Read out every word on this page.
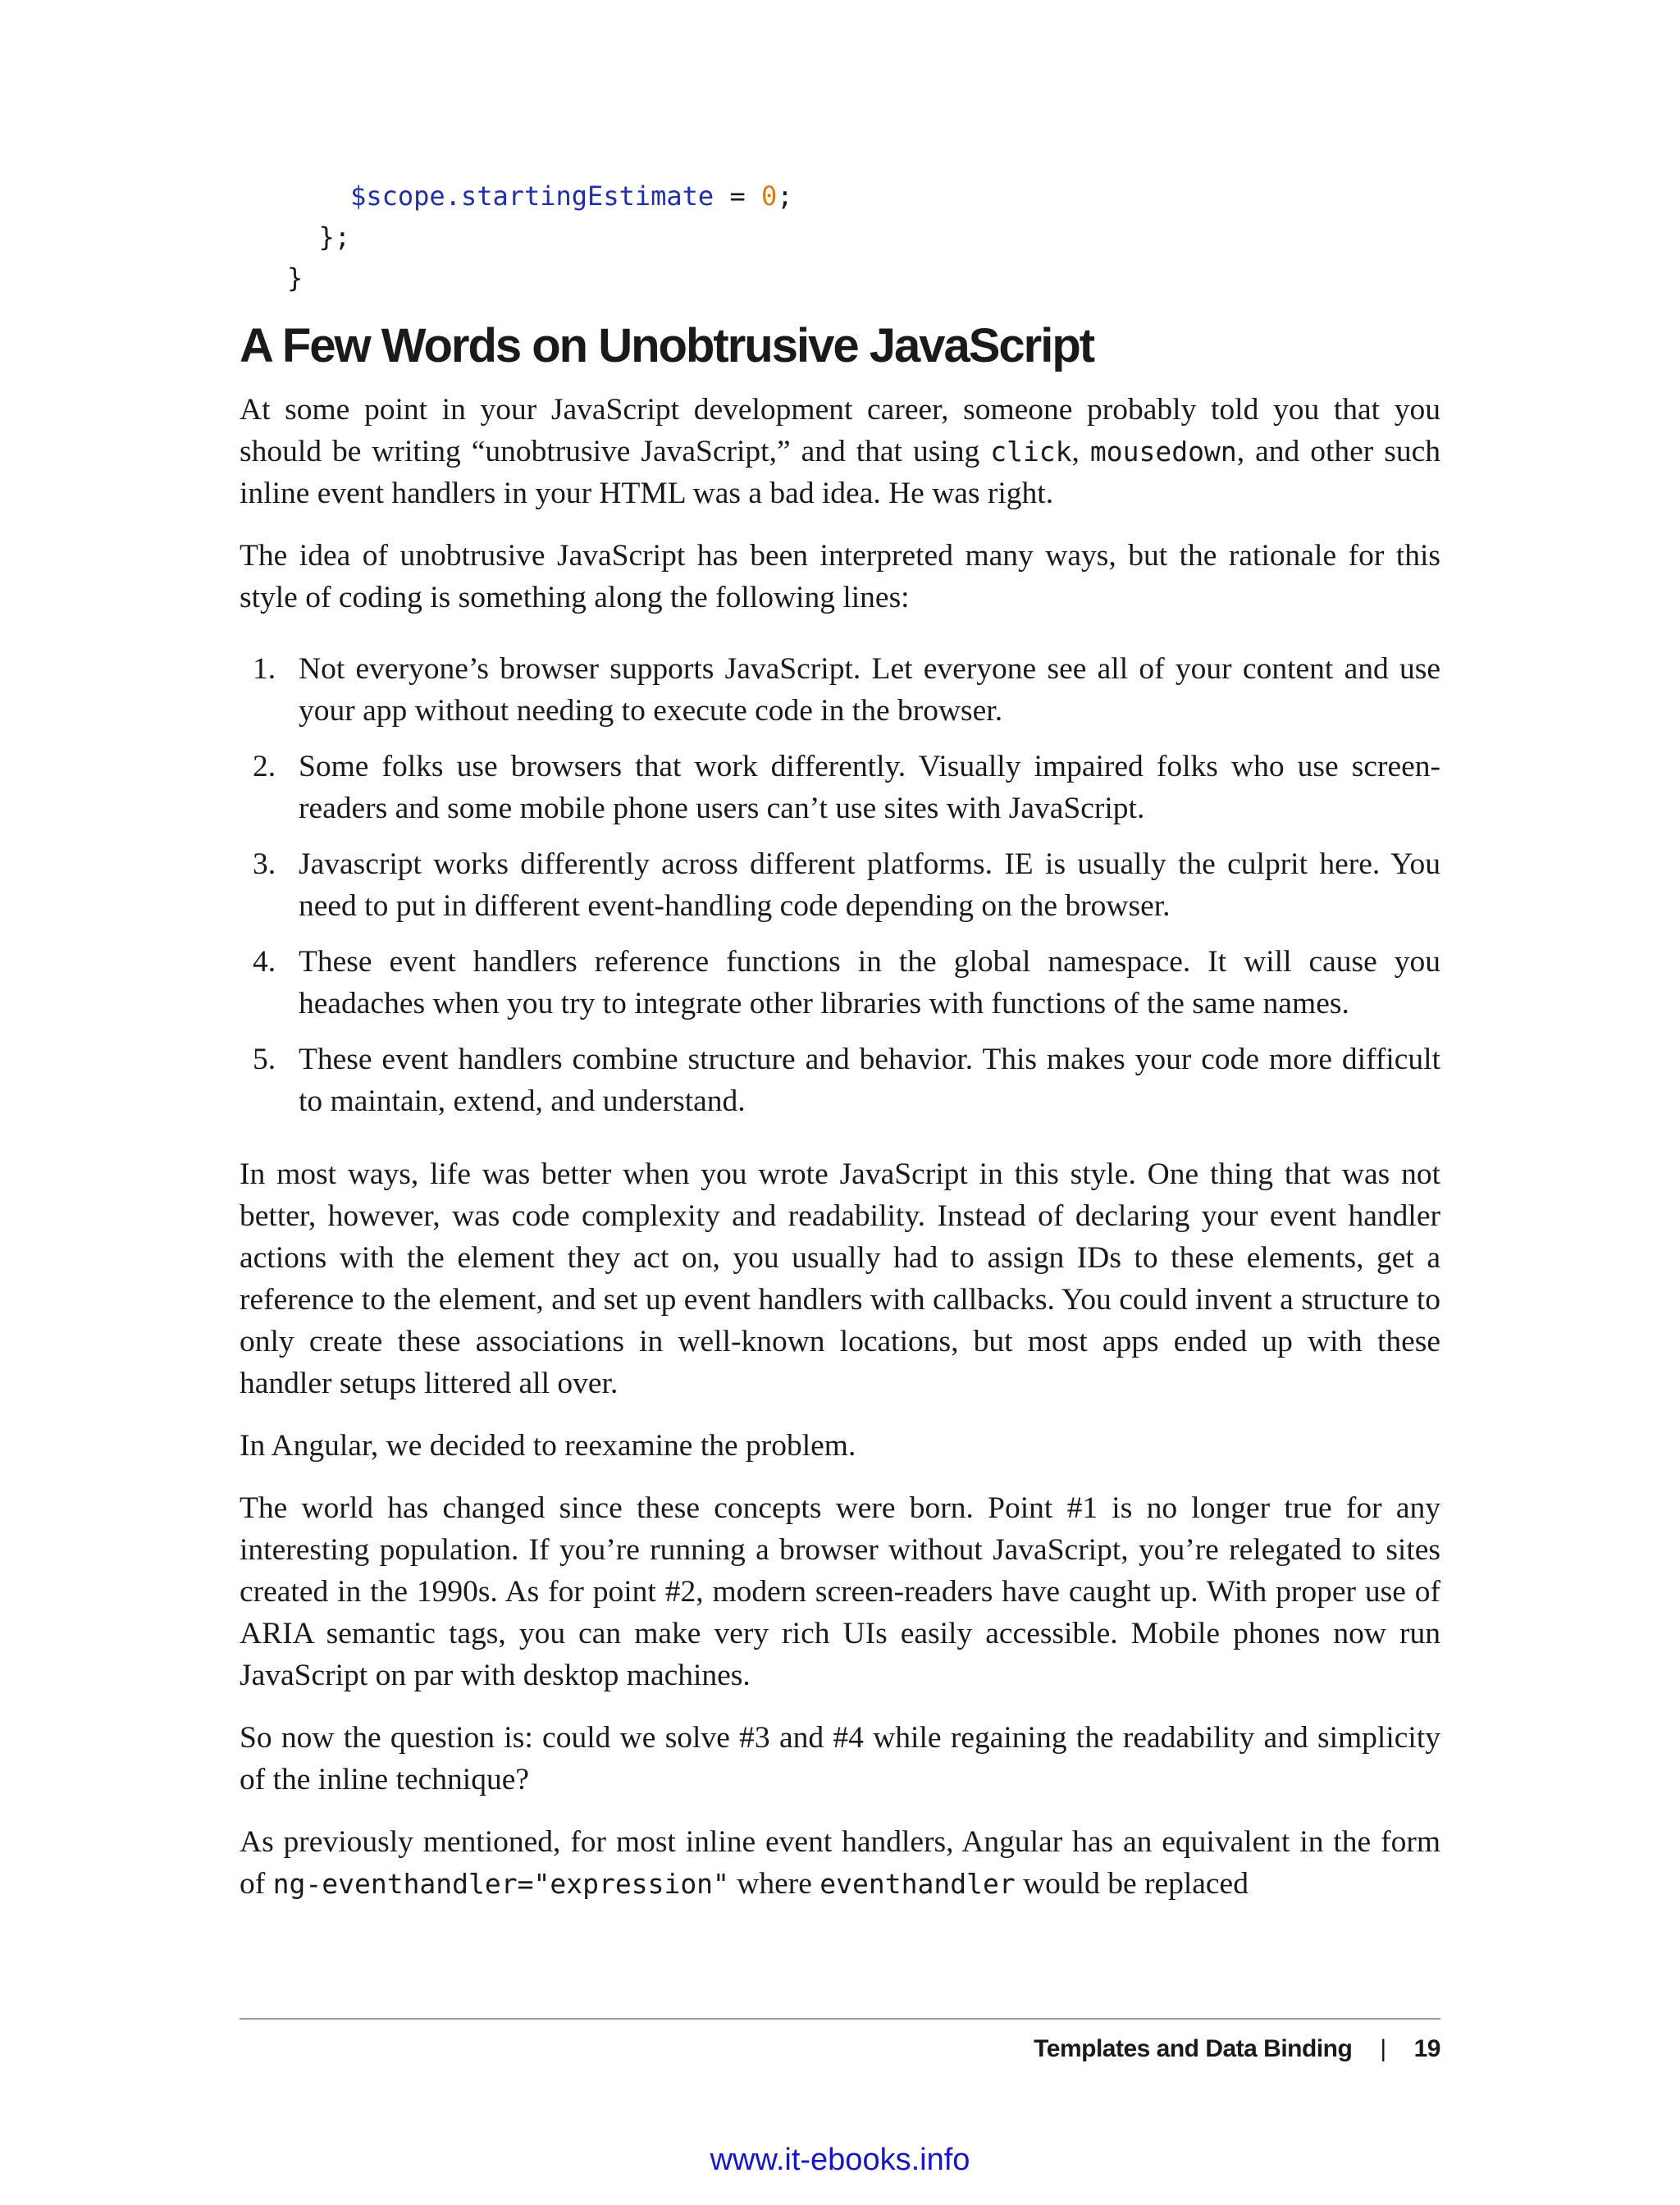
$scope.startingEstimate = 0;
};
}
A Few Words on Unobtrusive JavaScript

At some point in your JavaScript development career, someone probably told you that you should be writing “unobtrusive JavaScript,” and that using click, mousedown, and other such inline event handlers in your HTML was a bad idea. He was right.

The idea of unobtrusive JavaScript has been interpreted many ways, but the rationale for this style of coding is something along the following lines:

1. Not everyone’s browser supports JavaScript. Let everyone see all of your content and use your app without needing to execute code in the browser.
2. Some folks use browsers that work differently. Visually impaired folks who use screen-readers and some mobile phone users can’t use sites with JavaScript.
3. Javascript works differently across different platforms. IE is usually the culprit here. You need to put in different event-handling code depending on the browser.
4. These event handlers reference functions in the global namespace. It will cause you headaches when you try to integrate other libraries with functions of the same names.
5. These event handlers combine structure and behavior. This makes your code more difficult to maintain, extend, and understand.

In most ways, life was better when you wrote JavaScript in this style. One thing that was not better, however, was code complexity and readability. Instead of declaring your event handler actions with the element they act on, you usually had to assign IDs to these elements, get a reference to the element, and set up event handlers with callbacks. You could invent a structure to only create these associations in well-known locations, but most apps ended up with these handler setups littered all over.

In Angular, we decided to reexamine the problem.

The world has changed since these concepts were born. Point #1 is no longer true for any interesting population. If you’re running a browser without JavaScript, you’re relegated to sites created in the 1990s. As for point #2, modern screen-readers have caught up. With proper use of ARIA semantic tags, you can make very rich UIs easily accessible. Mobile phones now run JavaScript on par with desktop machines.

So now the question is: could we solve #3 and #4 while regaining the readability and simplicity of the inline technique?

As previously mentioned, for most inline event handlers, Angular has an equivalent in the form of ng-eventhandler="expression" where eventhandler would be replaced

Templates and Data Binding | 19
www.it-ebooks.info
